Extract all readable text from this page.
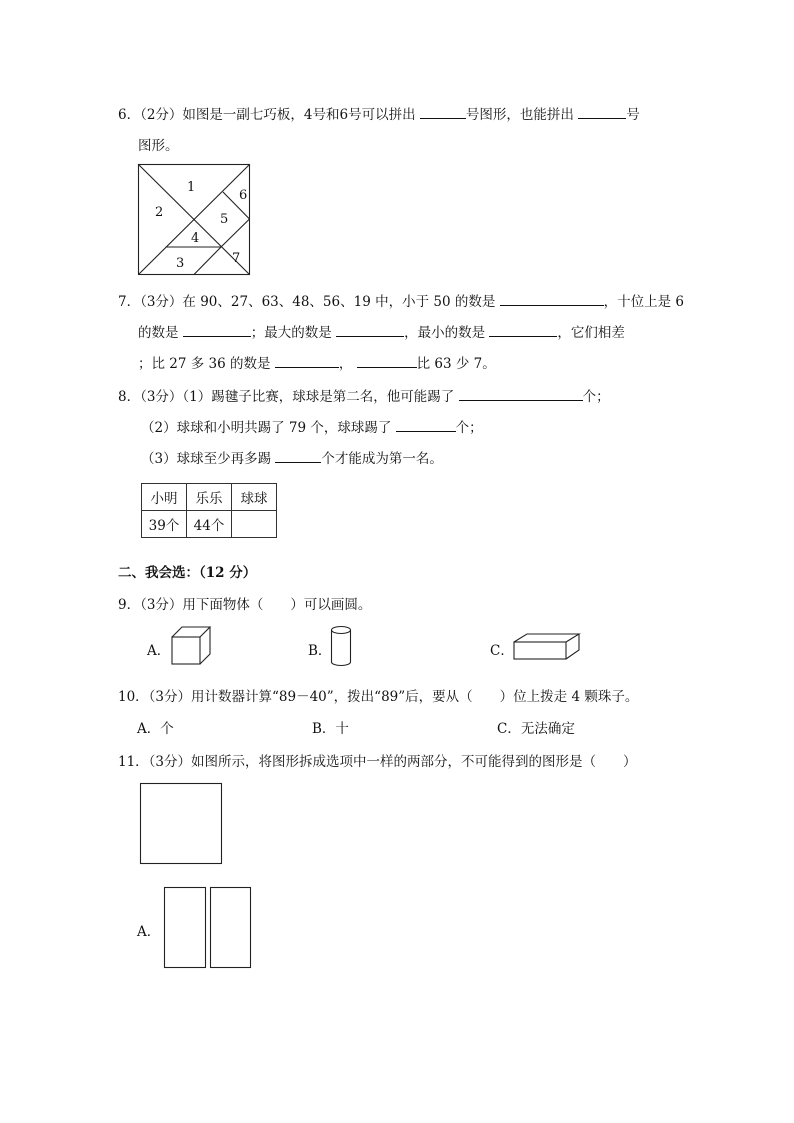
6．（2分）如图是一副七巧板，4号和6号可以拼出	号图形，也能拼出	号
图形。
1
2
3
4
5
6
7
7．（3分）在 90、27、63、48、56、19 中，小于 50 的数是	，十位上是 6
的数是	；最大的数是	，最小的数是	，它们相差
；比 27 多 36 的数是	，	比 63 少 7。
8．（3分）（1）踢毽子比赛，球球是第二名，他可能踢了	个；
（2）球球和小明共踢了 79 个，球球踢了	个；
（3）球球至少再多踢	个才能成为第一名。
小明	乐乐	球球
39个	44个	
二、我会选：（12 分）
9．（3分）用下面物体（　　）可以画圆。
A．	B．	C．
10．（3分）用计数器计算“89－40”，拨出“89”后，要从（　　）位上拨走 4 颗珠子。
A．个	B．十	C．无法确定
11．（3分）如图所示，将图形拆成选项中一样的两部分，不可能得到的图形是（　　）
A．
